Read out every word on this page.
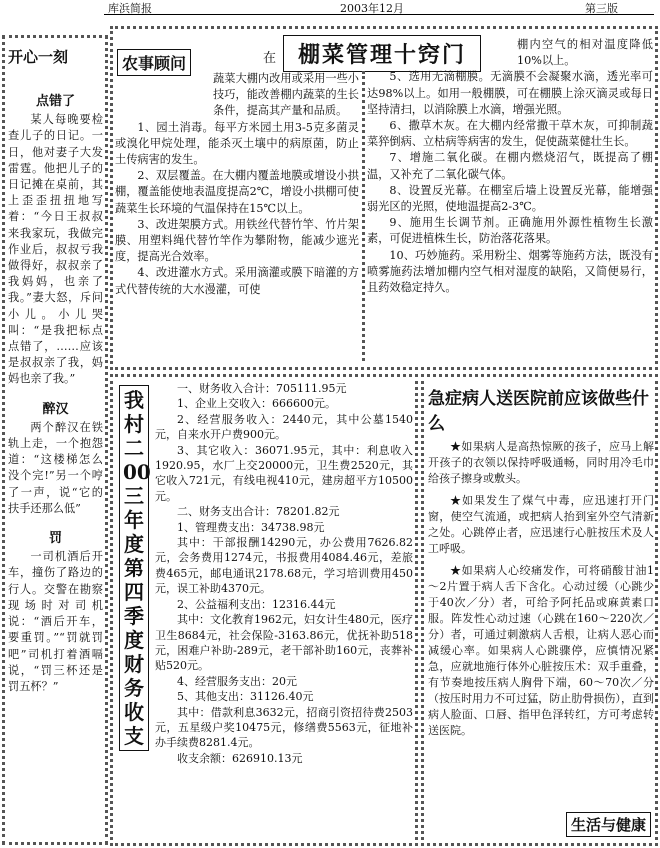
库浜简报	2003年12月	第三版
开心一刻
点错了

某人每晚要检查儿子的日记。一日，他对妻子大发雷霆。他把儿子的日记摊在桌前，其上歪歪扭扭地写着：“今日王叔叔来我家玩，我做完作业后，叔叔亏我做得好，叔叔亲了我妈妈，也亲了我。”妻大怒，斥问小儿。小儿哭叫：“是我把标点点错了，……应该是叔叔亲了我，妈妈也亲了我。”

醉汉

两个醉汉在铁轨上走，一个抱怨道：“这楼梯怎么没个完!”另一个哼了一声，说“它的扶手还那么低”

罚

一司机酒后开车，撞伤了路边的行人。交警在勘察现场时对司机说：“酒后开车，要重罚。”“罚就罚吧”司机打着酒嗝说，“罚三杯还是罚五杯？”

农事顾问	在 棚菜管理十窍门

蔬菜大棚内改用或采用一些小技巧，能改善棚内蔬菜的生长条件，提高其产量和品质。

1、园土消毒。每平方米园土用3-5克多菌灵或溴化甲烷处理，能杀灭土壤中的病原菌，防止土传病害的发生。

2、双层覆盖。在大棚内覆盖地膜或增设小拱棚，覆盖能使地表温度提高2℃，增设小拱棚可使蔬菜生长环境的气温保持在15℃以上。

3、改进架膜方式。用铁丝代替竹竿、竹片架膜、用塑料绳代替竹竿作为攀附物，能减少遮光度，提高光合效率。

4、改进灌水方式。采用滴灌或膜下暗灌的方式代替传统的大水漫灌，可使

棚内空气的相对温度降低10%以上。

5、选用无滴棚膜。无滴膜不会凝聚水滴，透光率可达98%以上。如用一般棚膜，可在棚膜上涂灭滴灵或每日坚持清扫，以消除膜上水滴，增强光照。

6、撒草木灰。在大棚内经常撒干草木灰，可抑制蔬菜猝倒病、立枯病等病害的发生，促使蔬菜健壮生长。

7、增施二氧化碳。在棚内燃烧沼气，既提高了棚温，又补充了二氧化碳气体。

8、设置反光幕。在棚室后墙上设置反光幕，能增强弱光区的光照，使地温提高2-3℃。

9、施用生长调节剂。正确施用外源性植物生长激素，可促进植株生长，防治落花落果。

10、巧妙施药。采用粉尘、烟雾等施药方法，既没有喷雾施药法增加棚内空气相对湿度的缺陷，又简便易行，且药效稳定持久。

我村二00三年度第四季度财务收支

一、财务收入合计：705111.95元

1、企业上交收入：666600元。

2、经营服务收入：2440元，其中公墓1540元，自来水开户费900元。

3、其它收入：36071.95元，其中：利息收入1920.95，水厂上交20000元，卫生费2520元，其它收入721元，有线电视410元，建房超平方10500元。

二、财务支出合计：78201.82元

1、管理费支出：34738.98元

其中：干部报酬14290元，办公费用7626.82元，会务费用1274元，书报费用4084.46元，差旅费465元，邮电通讯2178.68元，学习培训费用450元，误工补助4370元。

2、公益福利支出：12316.44元

其中：文化教育1962元，妇女计生480元，医疗卫生8684元，社会保险-3163.86元，优抚补助518元，困难户补助-289元，老干部补助160元，丧葬补贴520元。

4、经营服务支出：20元

5、其他支出：31126.40元

其中：借款利息3632元，招商引资招待费2503元，五星级户奖10475元，修缮费5563元，征地补办手续费8281.4元。

收支余额：626910.13元

急症病人送医院前应该做些什么

★如果病人是高热惊厥的孩子，应马上解开孩子的衣领以保持呼吸通畅，同时用冷毛巾给孩子擦身或敷头。

★如果发生了煤气中毒，应迅速打开门窗，使空气流通，或把病人抬到室外空气清新之处。心跳停止者，应迅速行心脏按压术及人工呼吸。

★如果病人心绞痛发作，可将硝酸甘油1～2片置于病人舌下含化。心动过缓（心跳少于40次／分）者，可给予阿托品或麻黄素口服。阵发性心动过速（心跳在160～220次／分）者，可通过刺激病人舌根，让病人恶心而减缓心率。如果病人心跳骤停，应慎情况紧急，应就地施行体外心脏按压术：双手重叠，有节奏地按压病人胸骨下端，60～70次／分（按压时用力不可过猛，防止肋骨损伤），直到病人脸面、口唇、指甲色泽转红，方可考虑转送医院。

生活与健康
